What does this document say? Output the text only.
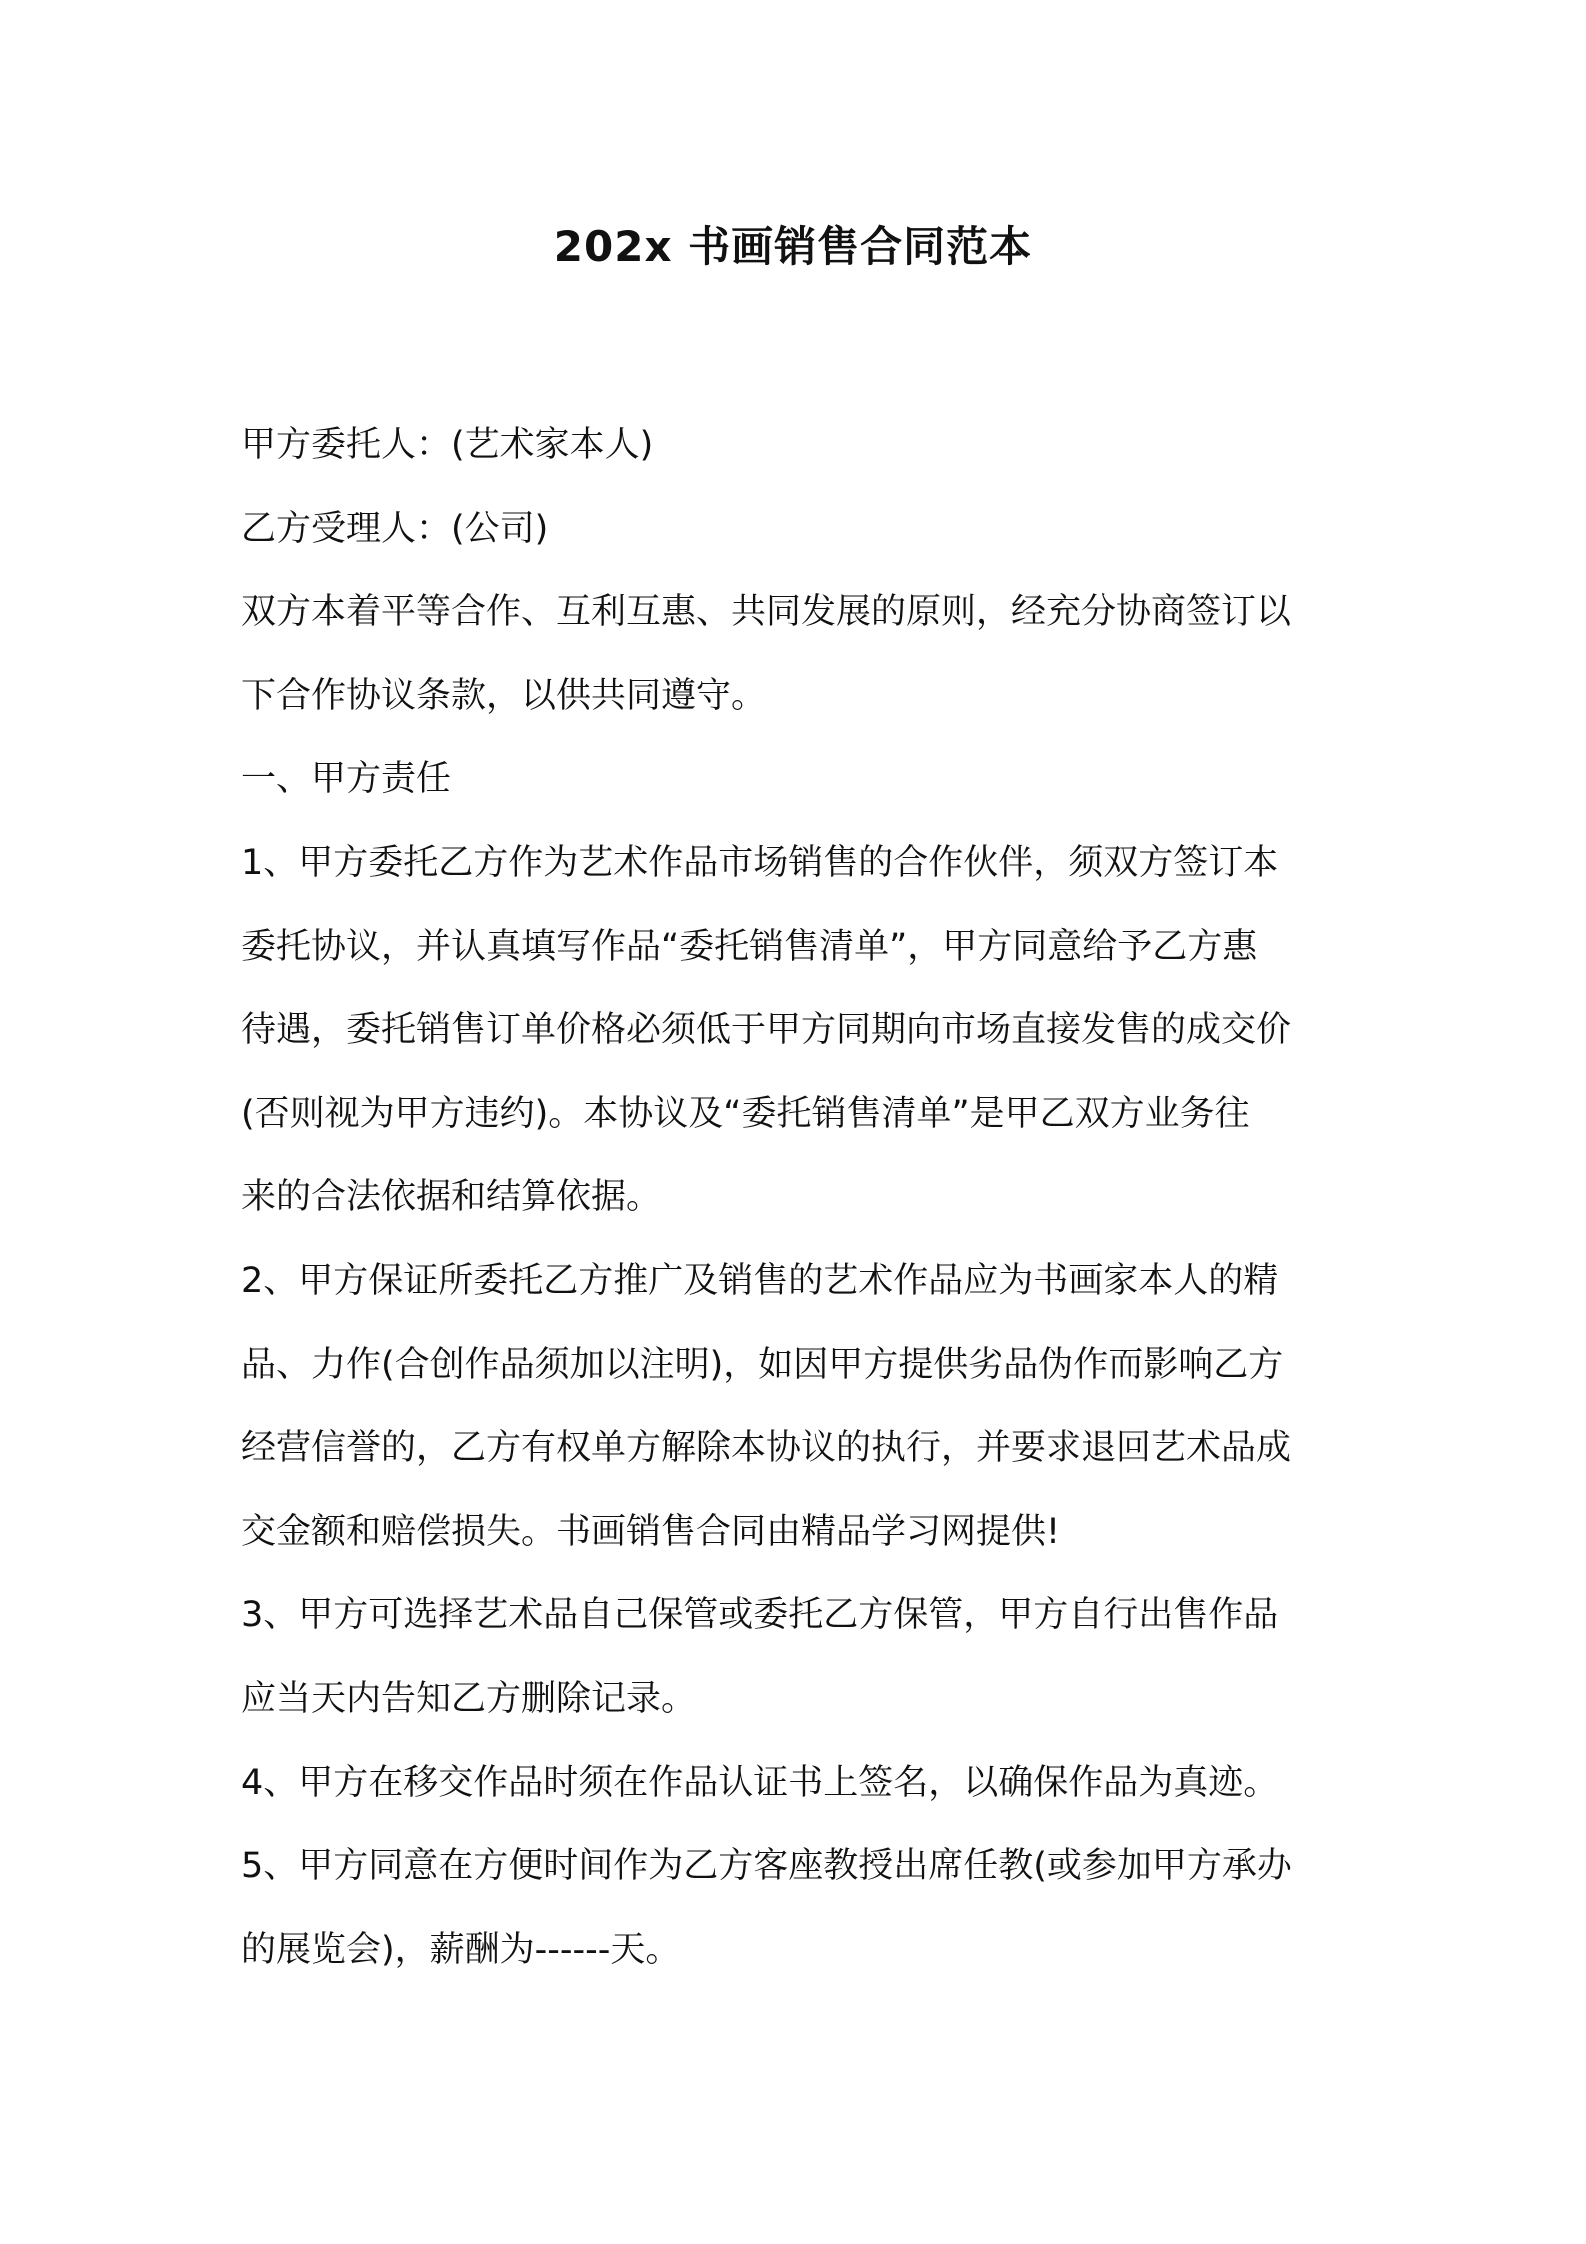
202x 书画销售合同范本

甲方委托人：(艺术家本人)

乙方受理人：(公司)

双方本着平等合作、互利互惠、共同发展的原则，经充分协商签订以

下合作协议条款，以供共同遵守。

一、甲方责任

1、甲方委托乙方作为艺术作品市场销售的合作伙伴，须双方签订本

委托协议，并认真填写作品“委托销售清单”，甲方同意给予乙方惠

待遇，委托销售订单价格必须低于甲方同期向市场直接发售的成交价

(否则视为甲方违约)。本协议及“委托销售清单”是甲乙双方业务往

来的合法依据和结算依据。

2、甲方保证所委托乙方推广及销售的艺术作品应为书画家本人的精

品、力作(合创作品须加以注明)，如因甲方提供劣品伪作而影响乙方

经营信誉的，乙方有权单方解除本协议的执行，并要求退回艺术品成

交金额和赔偿损失。书画销售合同由精品学习网提供!

3、甲方可选择艺术品自己保管或委托乙方保管，甲方自行出售作品

应当天内告知乙方删除记录。

4、甲方在移交作品时须在作品认证书上签名，以确保作品为真迹。

5、甲方同意在方便时间作为乙方客座教授出席任教(或参加甲方承办

的展览会)，薪酬为------天。
